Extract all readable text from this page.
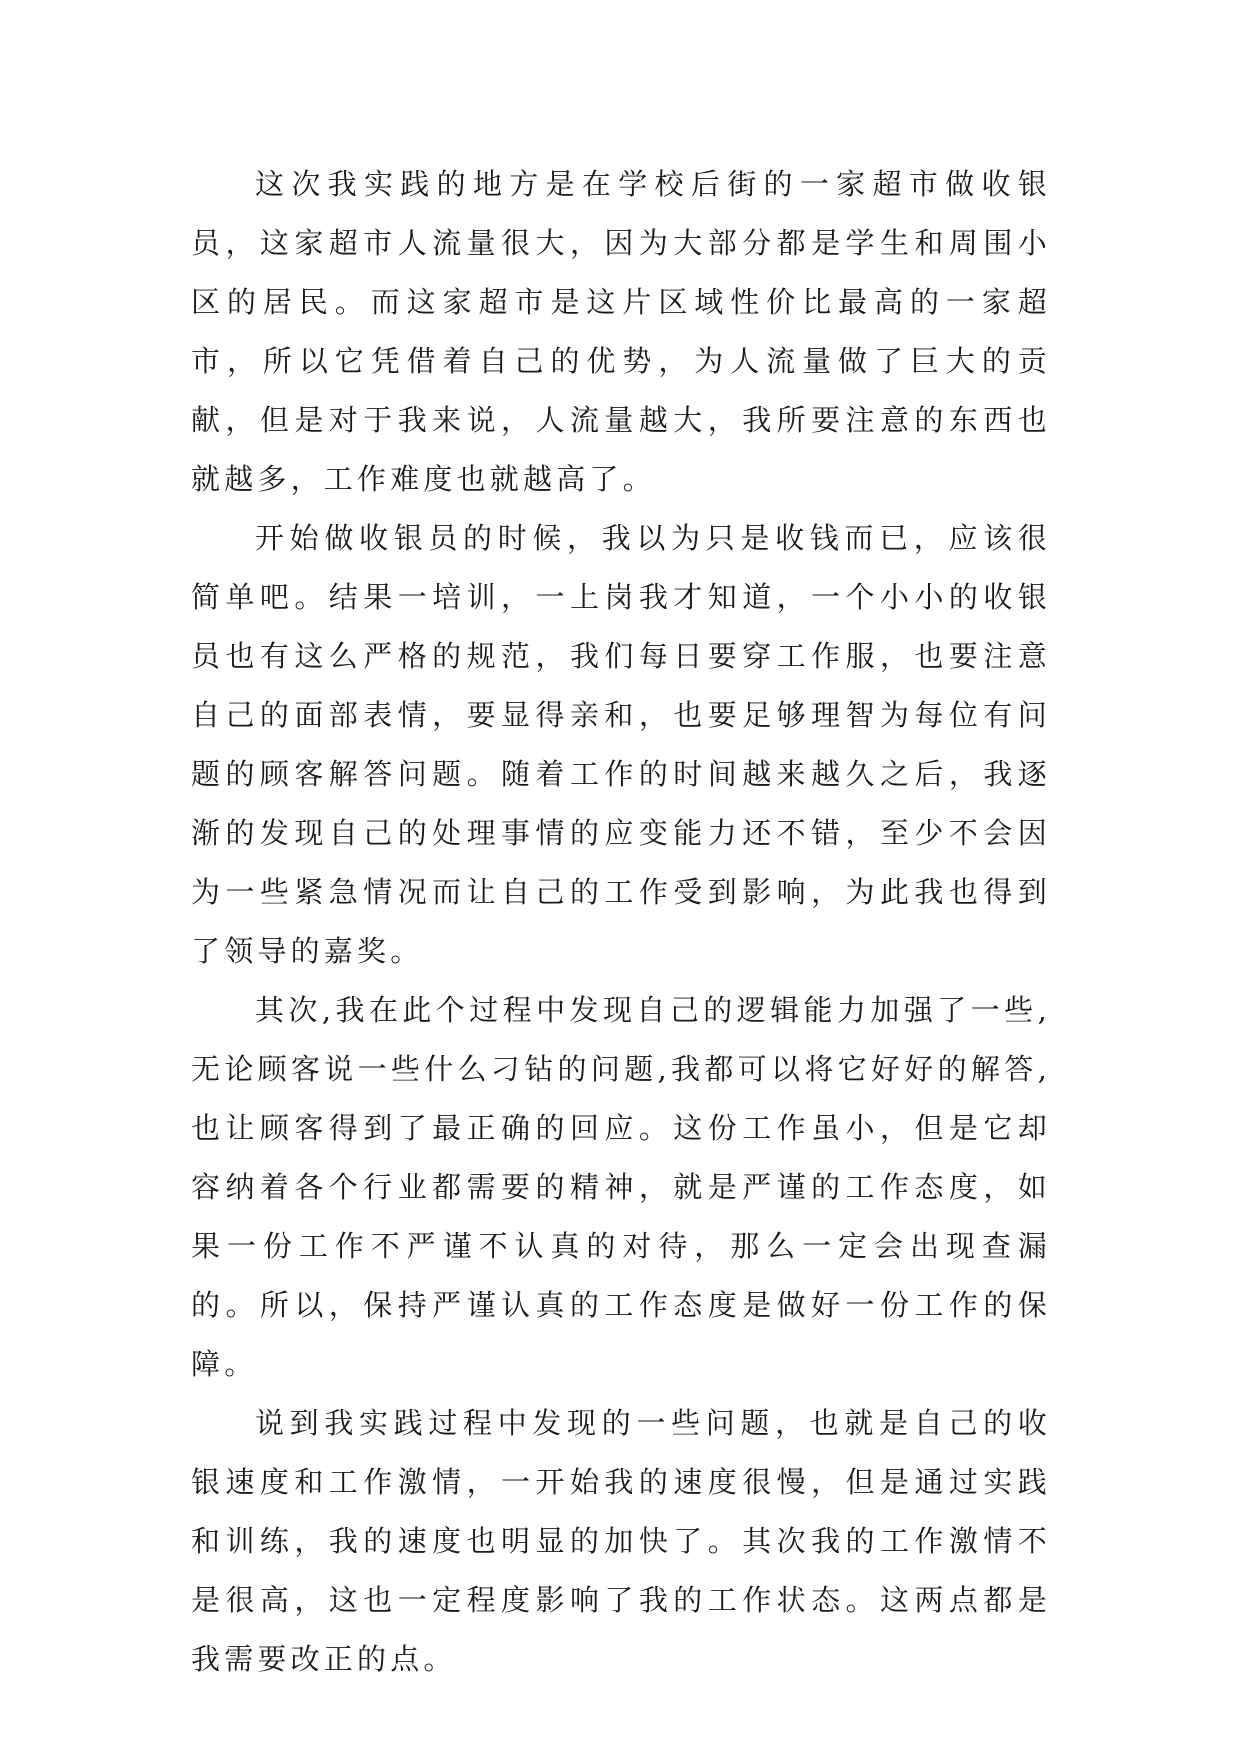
这次我实践的地方是在学校后街的一家超市做收银员，这家超市人流量很大，因为大部分都是学生和周围小区的居民。而这家超市是这片区域性价比最高的一家超市，所以它凭借着自己的优势，为人流量做了巨大的贡献，但是对于我来说，人流量越大，我所要注意的东西也就越多，工作难度也就越高了。

开始做收银员的时候，我以为只是收钱而已，应该很简单吧。结果一培训，一上岗我才知道，一个小小的收银员也有这么严格的规范，我们每日要穿工作服，也要注意自己的面部表情，要显得亲和，也要足够理智为每位有问题的顾客解答问题。随着工作的时间越来越久之后，我逐渐的发现自己的处理事情的应变能力还不错，至少不会因为一些紧急情况而让自己的工作受到影响，为此我也得到了领导的嘉奖。

其次,我在此个过程中发现自己的逻辑能力加强了一些,无论顾客说一些什么刁钻的问题,我都可以将它好好的解答,也让顾客得到了最正确的回应。这份工作虽小，但是它却容纳着各个行业都需要的精神，就是严谨的工作态度，如果一份工作不严谨不认真的对待，那么一定会出现查漏的。所以，保持严谨认真的工作态度是做好一份工作的保障。

说到我实践过程中发现的一些问题，也就是自己的收银速度和工作激情，一开始我的速度很慢，但是通过实践和训练，我的速度也明显的加快了。其次我的工作激情不是很高，这也一定程度影响了我的工作状态。这两点都是我需要改正的点。
